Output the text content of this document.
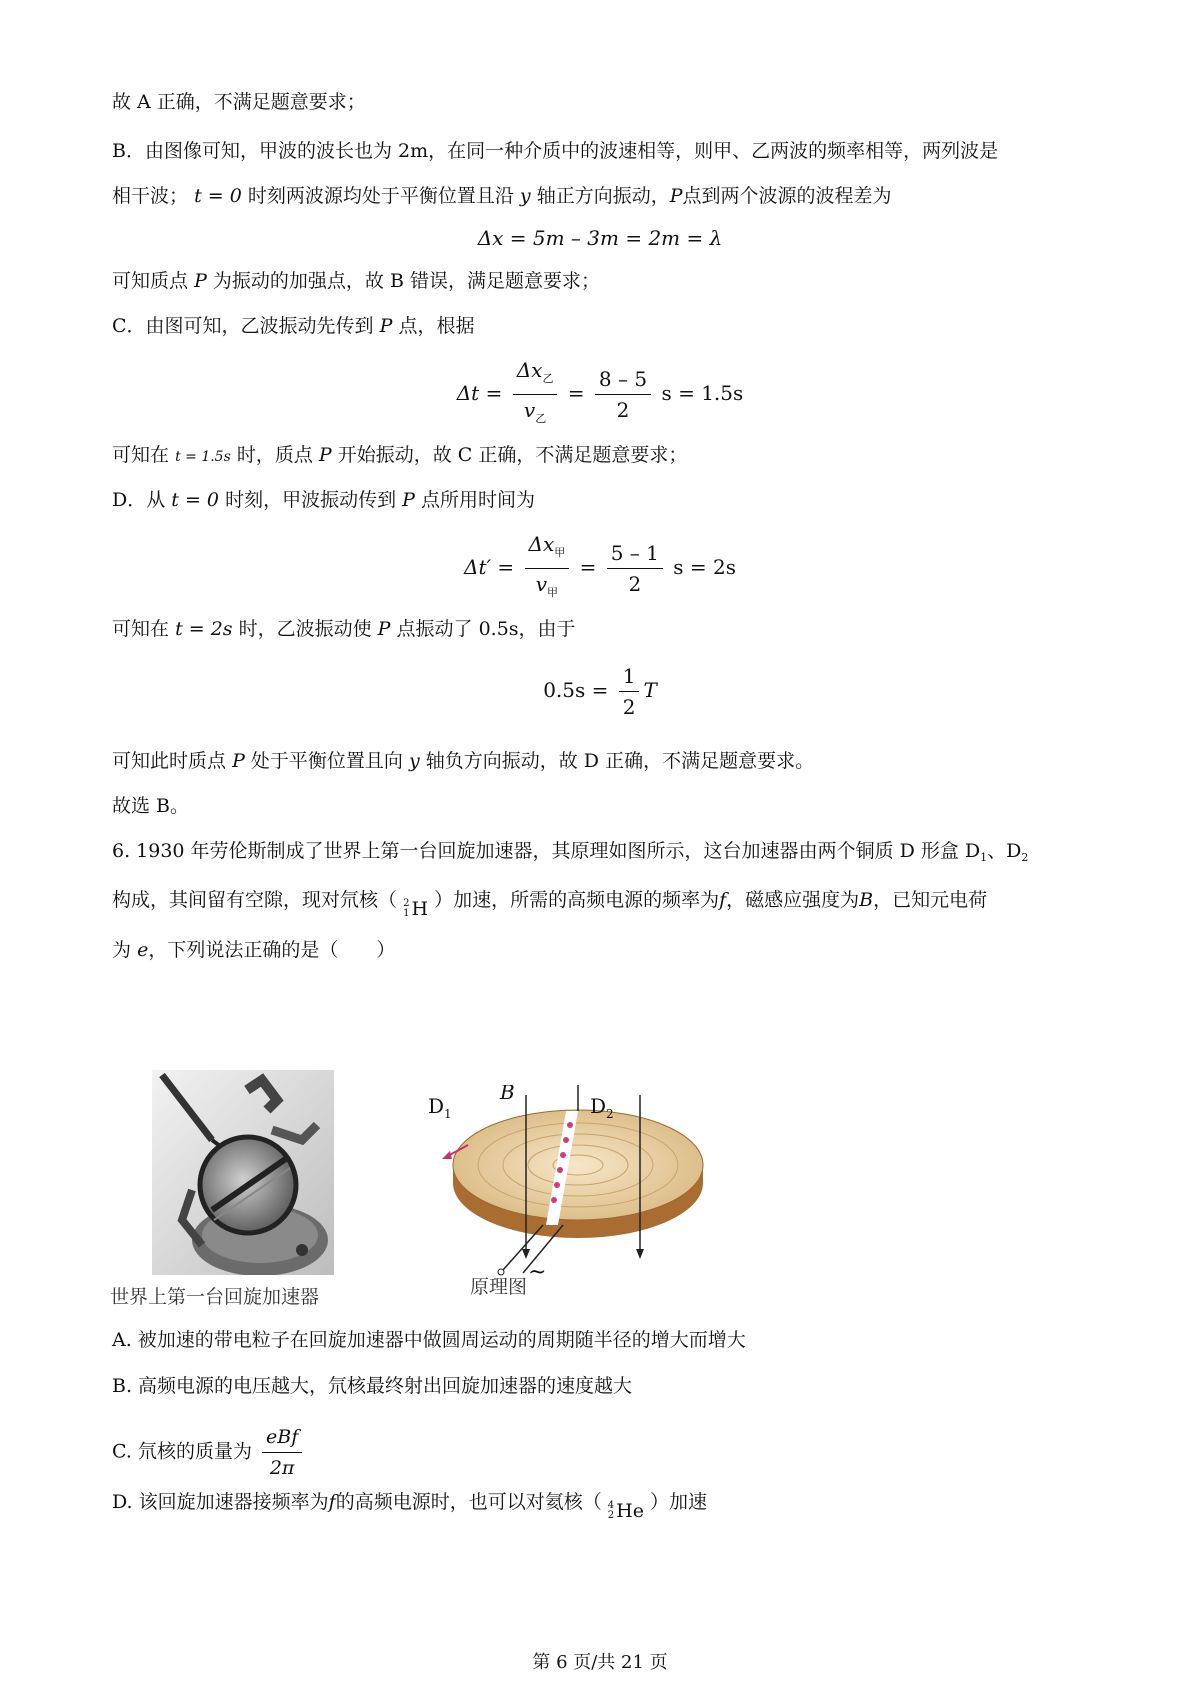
故 A 正确，不满足题意要求；
B．由图像可知，甲波的波长也为 2m，在同一种介质中的波速相等，则甲、乙两波的频率相等，两列波是
相干波； t = 0 时刻两波源均处于平衡位置且沿 y 轴正方向振动，P点到两个波源的波程差为
Δx = 5m – 3m = 2m = λ
可知质点 P 为振动的加强点，故 B 错误，满足题意要求；
C．由图可知，乙波振动先传到 P 点，根据
$\Delta t = \frac{\Delta x_乙}{v_乙} = \frac{8 - 5}{2}$ s = 1.5s
可知在 t = 1.5s 时，质点 P 开始振动，故 C 正确，不满足题意要求；
D．从 t = 0 时刻，甲波振动传到 P 点所用时间为
$\Delta t' = \frac{\Delta x_甲}{v_甲} = \frac{5 - 1}{2}$ s = 2s
可知在 t = 2s 时，乙波振动使 P 点振动了 0.5s，由于
$0.5s = \frac{1}{2}$ T
可知此时质点 P 处于平衡位置且向 y 轴负方向振动，故 D 正确，不满足题意要求。
故选 B。
6. 1930 年劳伦斯制成了世界上第一台回旋加速器，其原理如图所示，这台加速器由两个铜质 D 形盒 $D_1$、$D_2$
构成，其间留有空隙，现对氘核（ 2
1 H ）加速，所需的高频电源的频率为f，磁感应强度为B，已知元电荷
为 e，下列说法正确的是（　　）
世界上第一台回旋加速器
$D_1$
B
$D_2$
~
原理图
A. 被加速的带电粒子在回旋加速器中做圆周运动的周期随半径的增大而增大
B. 高频电源的电压越大，氘核最终射出回旋加速器的速度越大
C. 氘核的质量为 $\frac{\text{eBf}}{2\pi}$
D. 该回旋加速器接频率为f的高频电源时，也可以对氦核（ 4
2 He ）加速
第 6 页/共 21 页
